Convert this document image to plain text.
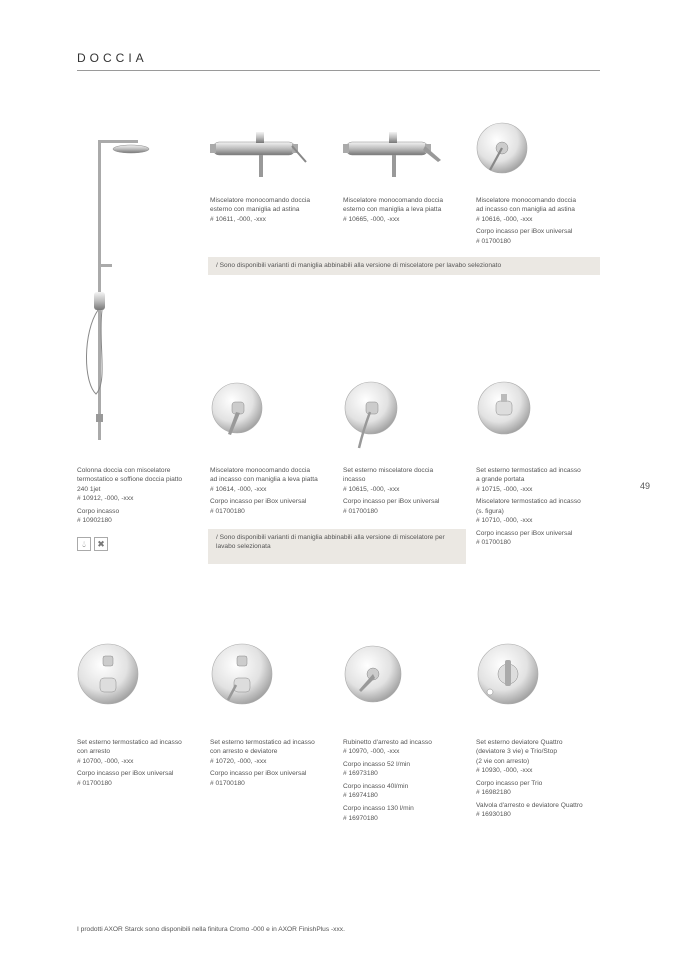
DOCCIA
Miscelatore monocomando doccia
esterno con maniglia ad astina
# 10611, -000, -xxx
Miscelatore monocomando doccia
esterno con maniglia a leva piatta
# 10665, -000, -xxx
Miscelatore monocomando doccia
ad incasso con maniglia ad astina
# 10616, -000, -xxx
Corpo incasso per iBox universal
# 01700180
Colonna doccia con miscelatore
termostatico e soffione doccia piatto
240 1jet
# 10912, -000, -xxx
Corpo incasso
# 10902180
Miscelatore monocomando doccia
ad incasso con maniglia a leva piatta
# 10614, -000, -xxx
Corpo incasso per iBox universal
# 01700180
Set esterno miscelatore doccia
incasso
# 10615, -000, -xxx
Corpo incasso per iBox universal
# 01700180
Set esterno termostatico ad incasso
a grande portata
# 10715, -000, -xxx
Miscelatore termostatico ad incasso
(s. figura)
# 10710, -000, -xxx
Corpo incasso per iBox universal
# 01700180
Set esterno termostatico ad incasso
con arresto
# 10700, -000, -xxx
Corpo incasso per iBox universal
# 01700180
Set esterno termostatico ad incasso
con arresto e deviatore
# 10720, -000, -xxx
Corpo incasso per iBox universal
# 01700180
Rubinetto d'arresto ad incasso
# 10970, -000, -xxx
Corpo incasso 52 l/min
# 16973180
Corpo incasso 40l/min
# 16974180
Corpo incasso 130 l/min
# 16970180
Set esterno deviatore Quattro
(deviatore 3 vie) e Trio/Stop
(2 vie con arresto)
# 10930, -000, -xxx
Corpo incasso per Trio
# 16982180
Valvola d'arresto e deviatore Quattro
# 16930180
/ Sono disponibili varianti di maniglia abbinabili alla versione di miscelatore per lavabo selezionato
/ Sono disponibili varianti di maniglia abbinabili alla versione di miscelatore per lavabo selezionata
💧︎	✖
49
I prodotti AXOR Starck sono disponibili nella finitura Cromo -000 e in AXOR FinishPlus -xxx.
